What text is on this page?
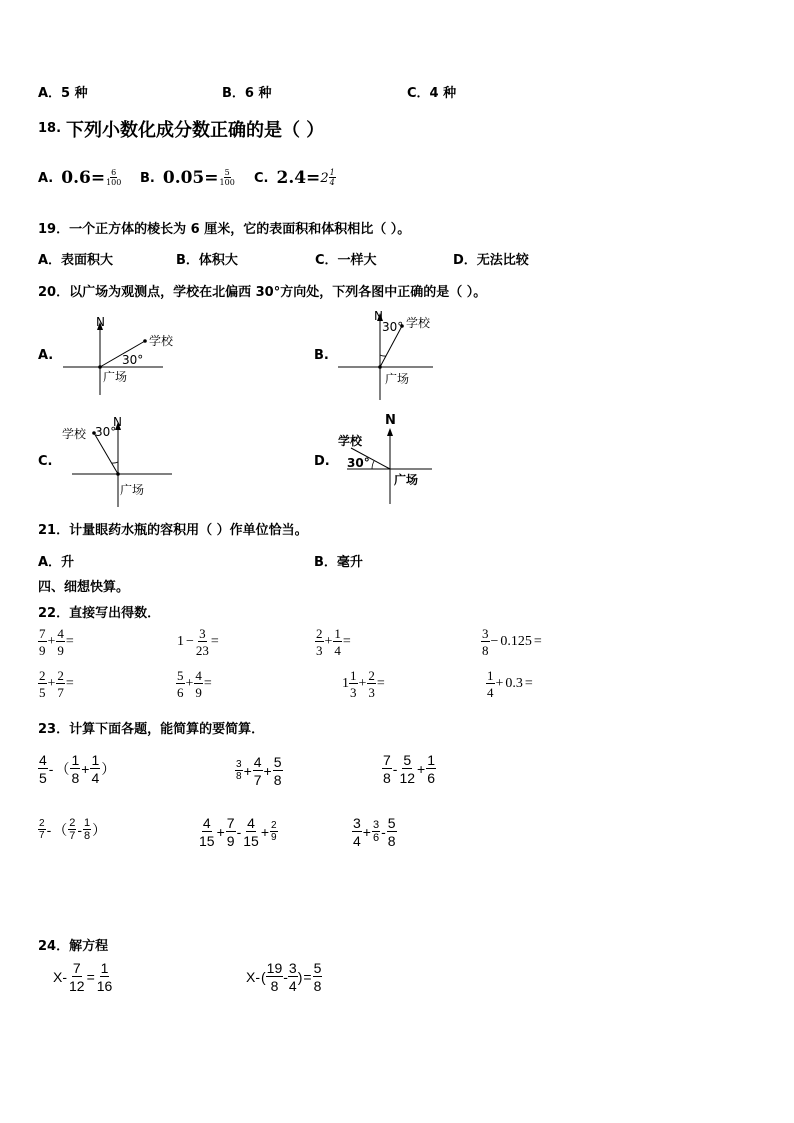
A．5 种	B．6 种	C．4 种
18. 下列小数化成分数正确的是（ ）
A. $0.6= \frac{6}{100} B$. $0.05= \frac{5}{100} C$. $2.4= 2 \frac{1}{4}$
19．一个正方体的棱长为 6 厘米，它的表面积和体积相比（ ）。
A．表面积大	B．体积大	C．一样大	D．无法比较
20．以广场为观测点，学校在北偏西 30°方向处，下列各图中正确的是（ ）。
A.	B.
C.	D.
N
学校
30°
广场
N
30° 学校
广场
N
学校 30°
广场
N
学校
30°
广场
21．计量眼药水瓶的容积用（ ）作单位恰当。
A．升	B．毫升
四、细想快算。
22．直接写出得数．
$\frac{7}{9} + \frac{4}{9}$ =	$1 - \frac{3}{23}$ =	$\frac{2}{3} + \frac{1}{4}$ =	$\frac{3}{8} - 0.125$ =
$\frac{2}{5} + \frac{2}{7}$ =	$\frac{5}{6} + \frac{4}{9}$ =	$1 \frac{1}{3} + \frac{2}{3}$ =	$\frac{1}{4} + 0.3$ =
23．计算下面各题，能简算的要简算．
$\frac{4}{5}$ - （ $\frac{1}{8} + \frac{1}{4}$ ）	$\frac{3}{8} + \frac{4}{7} + \frac{5}{8}$	$\frac{7}{8} - \frac{5}{12} + \frac{1}{6}$
$\frac{2}{7}$ - （ $\frac{2}{7} - \frac{1}{8}$ ）	$\frac{4}{15} + \frac{7}{9} - \frac{4}{15} + \frac{2}{9}$	$\frac{3}{4} + \frac{3}{6} - \frac{5}{8}$
24．解方程
$X- \frac{7}{12} = \frac{1}{16}$	X- ( $\frac{19}{8} - \frac{3}{4}$ ) = $\frac{5}{8}$
